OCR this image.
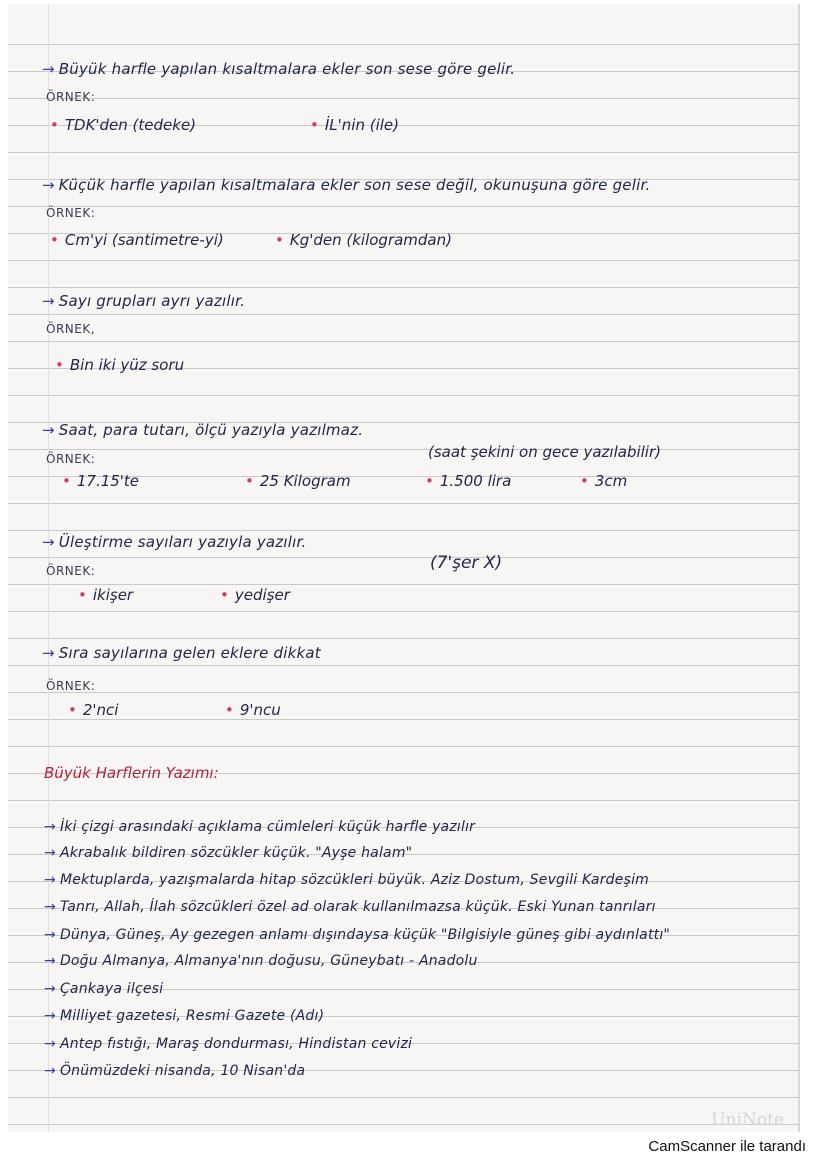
→ Büyük harfle yapılan kısaltmalara ekler son sese göre gelir.
ÖRNEK:
• TDK'den (tedeke)	• İL'nin (ile)
→ Küçük harfle yapılan kısaltmalara ekler son sese değil, okunuşuna göre gelir.
ÖRNEK:
• Cm'yi (santimetre-yi)	• Kg'den (kilogramdan)
→ Sayı grupları ayrı yazılır.
ÖRNEK,
• Bin iki yüz soru
→ Saat, para tutarı, ölçü yazıyla yazılmaz.
ÖRNEK:	(saat şekini on gece yazılabilir)
• 17.15'te	• 25 Kilogram	• 1.500 lira	• 3cm
→ Üleştirme sayıları yazıyla yazılır.
ÖRNEK:	(7'şer X)
• ikişer	• yedişer
→ Sıra sayılarına gelen eklere dikkat
ÖRNEK:
• 2'nci	• 9'ncu
Büyük Harflerin Yazımı:
→ İki çizgi arasındaki açıklama cümleleri küçük harfle yazılır
→ Akrabalık bildiren sözcükler küçük. "Ayşe halam"
→ Mektuplarda, yazışmalarda hitap sözcükleri büyük. Aziz Dostum, Sevgili Kardeşim
→ Tanrı, Allah, İlah sözcükleri özel ad olarak kullanılmazsa küçük. Eski Yunan tanrıları
→ Dünya, Güneş, Ay gezegen anlamı dışındaysa küçük "Bilgisiyle güneş gibi aydınlattı"
→ Doğu Almanya, Almanya'nın doğusu, Güneybatı - Anadolu
→ Çankaya ilçesi
→ Milliyet gazetesi, Resmi Gazete (Adı)
→ Antep fıstığı, Maraş dondurması, Hindistan cevizi
→ Önümüzdeki nisanda, 10 Nisan'da
UniNote
CamScanner ile tarandı
